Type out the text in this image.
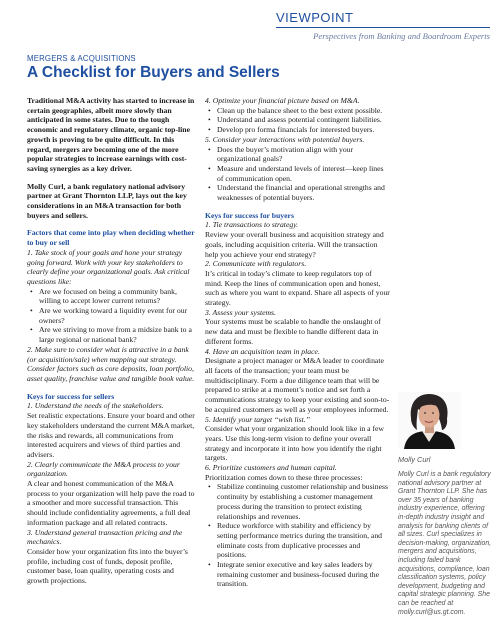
VIEWPOINT
Perspectives from Banking and Boardroom Experts
MERGERS & ACQUISITIONS
A Checklist for Buyers and Sellers

Traditional M&A activity has started to increase in certain geographies, albeit more slowly than anticipated in some states. Due to the tough economic and regulatory climate, organic top-line growth is proving to be quite difficult. In this regard, mergers are becoming one of the more popular strategies to increase earnings with cost-saving synergies as a key driver.

Molly Curl, a bank regulatory national advisory partner at Grant Thornton LLP, lays out the key considerations in an M&A transaction for both buyers and sellers.

Factors that come into play when deciding whether to buy or sell

1. Take stock of your goals and hone your strategy going forward. Work with your key stakeholders to clearly define your organizational goals. Ask critical questions like:

• Are we focused on being a community bank, willing to accept lower current returns?
• Are we working toward a liquidity event for our owners?
• Are we striving to move from a midsize bank to a large regional or national bank?

2. Make sure to consider what is attractive in a bank (or acquisition/sale) when mapping out strategy. Consider factors such as core deposits, loan portfolio, asset quality, franchise value and tangible book value.

Keys for success for sellers

1. Understand the needs of the stakeholders.

Set realistic expectations. Ensure your board and other key stakeholders understand the current M&A market, the risks and rewards, all communications from interested acquirers and views of third parties and advisers.

2. Clearly communicate the M&A process to your organization.

A clear and honest communication of the M&A process to your organization will help pave the road to a smoother and more successful transaction. This should include confidentiality agreements, a full deal information package and all related contracts.

3. Understand general transaction pricing and the mechanics.

Consider how your organization fits into the buyer’s profile, including cost of funds, deposit profile, customer base, loan quality, operating costs and growth projections.

4. Optimize your financial picture based on M&A.

• Clean up the balance sheet to the best extent possible.
• Understand and assess potential contingent liabilities.
• Develop pro forma financials for interested buyers.

5. Consider your interactions with potential buyers.

• Does the buyer’s motivation align with your organizational goals?
• Measure and understand levels of interest—keep lines of communication open.
• Understand the financial and operational strengths and weaknesses of potential buyers.

Keys for success for buyers

1. Tie transactions to strategy.

Review your overall business and acquisition strategy and goals, including acquisition criteria. Will the transaction help you achieve your end strategy?

2. Communicate with regulators.

It’s critical in today’s climate to keep regulators top of mind. Keep the lines of communication open and honest, such as where you want to expand. Share all aspects of your strategy.

3. Assess your systems.

Your systems must be scalable to handle the onslaught of new data and must be flexible to handle different data in different forms.

4. Have an acquisition team in place.

Designate a project manager or M&A leader to coordinate all facets of the transaction; your team must be multidisciplinary. Form a due diligence team that will be prepared to strike at a moment’s notice and set forth a communications strategy to keep your existing and soon-to-be acquired customers as well as your employees informed.

5. Identify your target “wish list.”

Consider what your organization should look like in a few years. Use this long-term vision to define your overall strategy and incorporate it into how you identify the right targets.

6. Prioritize customers and human capital.

Prioritization comes down to these three processes:

• Stabilize continuing customer relationship and business continuity by establishing a customer management process during the transition to protect existing relationships and revenues.
• Reduce workforce with stability and efficiency by setting performance metrics during the transition, and eliminate costs from duplicative processes and positions.
• Integrate senior executive and key sales leaders by remaining customer and business-focused during the transition.
Molly Curl

Molly Curl is a bank regulatory national advisory partner at Grant Thornton LLP. She has over 35 years of banking industry experience, offering in-depth industry insight and analysis for banking clients of all sizes. Curl specializes in decision-making, organization, mergers and acquisitions, including failed bank acquisitions, compliance, loan classification systems, policy development, budgeting and capital strategic planning. She can be reached at molly.curl@us.gt.com.
